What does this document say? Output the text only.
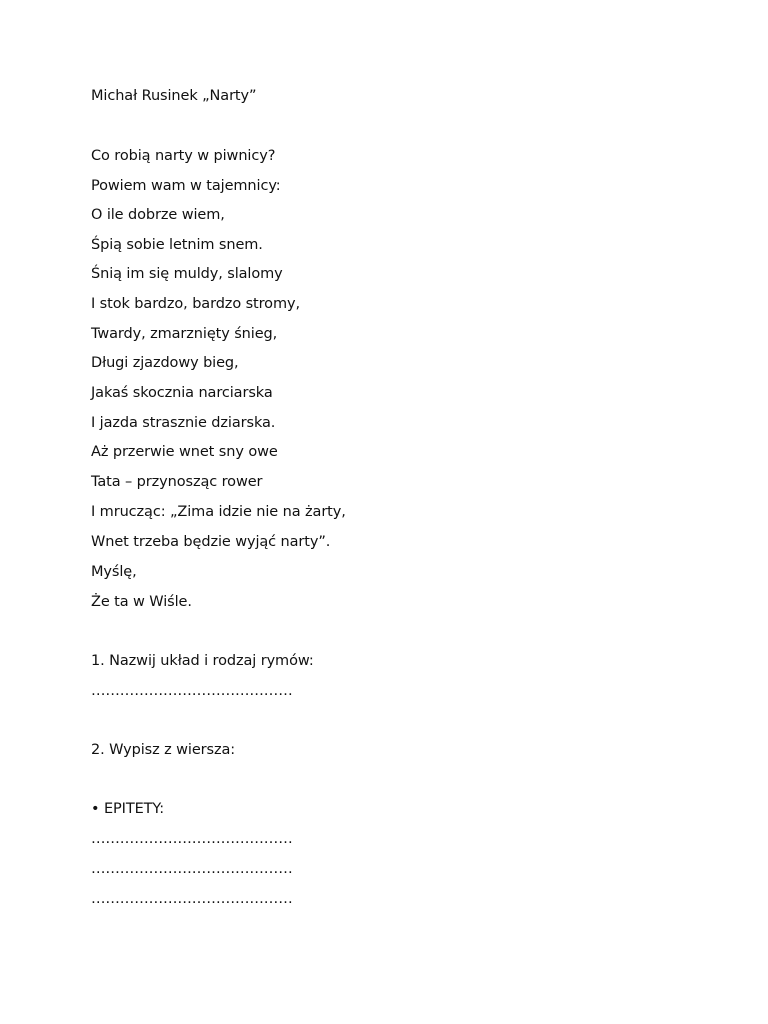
Michał Rusinek „Narty”
Co robią narty w piwnicy?
Powiem wam w tajemnicy:
O ile dobrze wiem,
Śpią sobie letnim snem.
Śnią im się muldy, slalomy
I stok bardzo, bardzo stromy,
Twardy, zmarznięty śnieg,
Długi zjazdowy bieg,
Jakaś skocznia narciarska
I jazda strasznie dziarska.
Aż przerwie wnet sny owe
Tata – przynosząc rower
I mrucząc: „Zima idzie nie na żarty,
Wnet trzeba będzie wyjąć narty”.
Myślę,
Że ta w Wiśle.
1. Nazwij układ i rodzaj rymów:
……………………………………
2. Wypisz z wiersza:
• EPITETY:
……………………………………
……………………………………
……………………………………
